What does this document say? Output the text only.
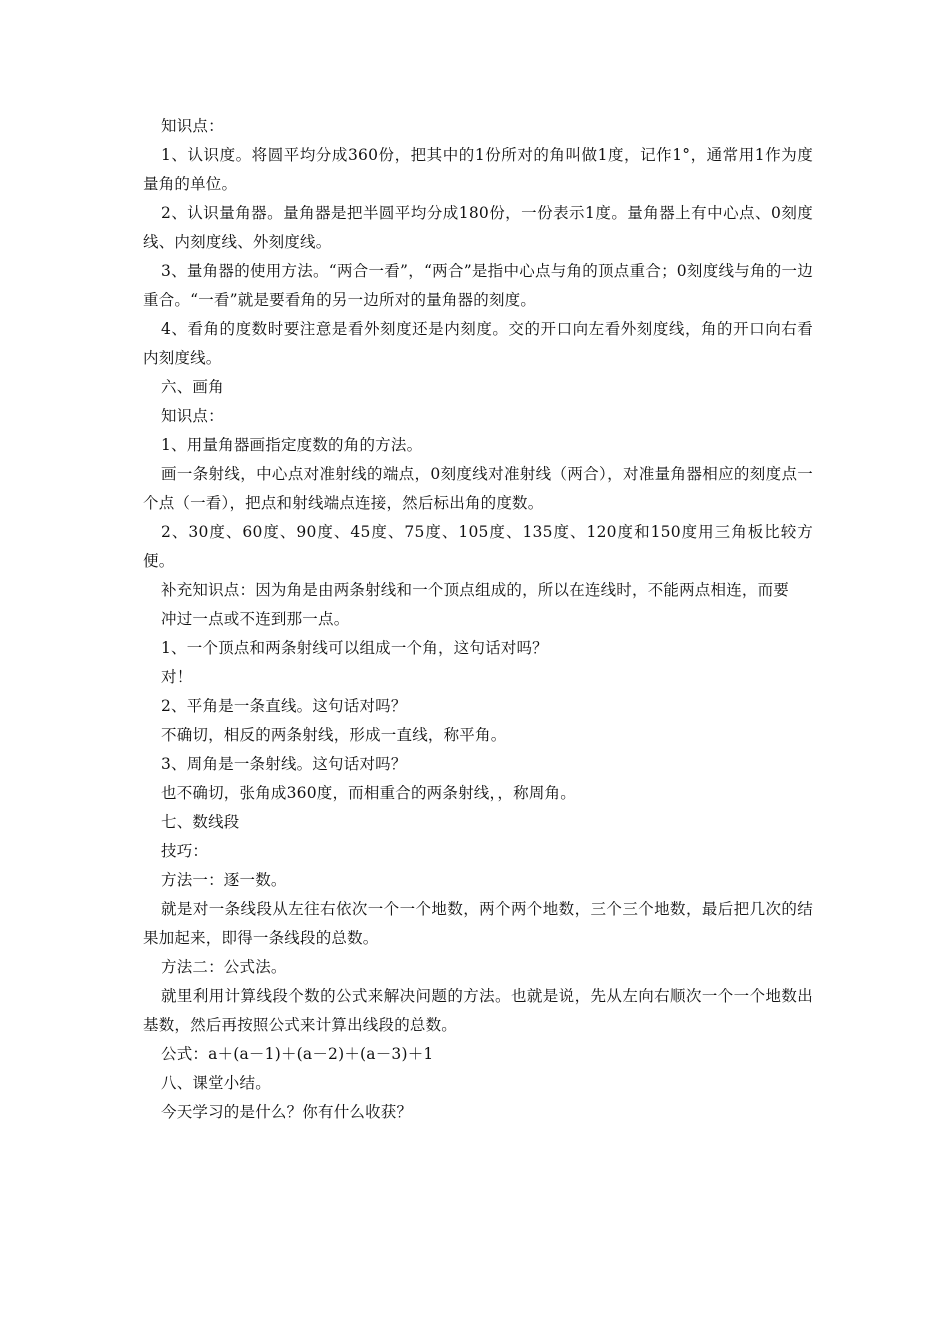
知识点：

1、认识度。将圆平均分成360份，把其中的1份所对的角叫做1度，记作1°，通常用1作为度量角的单位。

2、认识量角器。量角器是把半圆平均分成180份，一份表示1度。量角器上有中心点、0刻度线、内刻度线、外刻度线。

3、量角器的使用方法。“两合一看”，“两合”是指中心点与角的顶点重合；0刻度线与角的一边重合。“一看”就是要看角的另一边所对的量角器的刻度。

4、看角的度数时要注意是看外刻度还是内刻度。交的开口向左看外刻度线，角的开口向右看内刻度线。

六、画角

知识点：

1、用量角器画指定度数的角的方法。

画一条射线，中心点对准射线的端点，0刻度线对准射线（两合），对准量角器相应的刻度点一个点（一看），把点和射线端点连接，然后标出角的度数。

2、30度、60度、90度、45度、75度、105度、135度、120度和150度用三角板比较方便。

补充知识点：因为角是由两条射线和一个顶点组成的，所以在连线时，不能两点相连，而要

冲过一点或不连到那一点。

1、一个顶点和两条射线可以组成一个角，这句话对吗？

对！

2、平角是一条直线。这句话对吗？

不确切，相反的两条射线，形成一直线，称平角。

3、周角是一条射线。这句话对吗？

也不确切，张角成360度，而相重合的两条射线，，称周角。

七、数线段

技巧：

方法一：逐一数。

就是对一条线段从左往右依次一个一个地数，两个两个地数，三个三个地数，最后把几次的结果加起来，即得一条线段的总数。

方法二：公式法。

就里利用计算线段个数的公式来解决问题的方法。也就是说，先从左向右顺次一个一个地数出基数，然后再按照公式来计算出线段的总数。

公式：a＋(a－1)＋(a－2)＋(a－3)＋1

八、课堂小结。

今天学习的是什么？你有什么收获？
